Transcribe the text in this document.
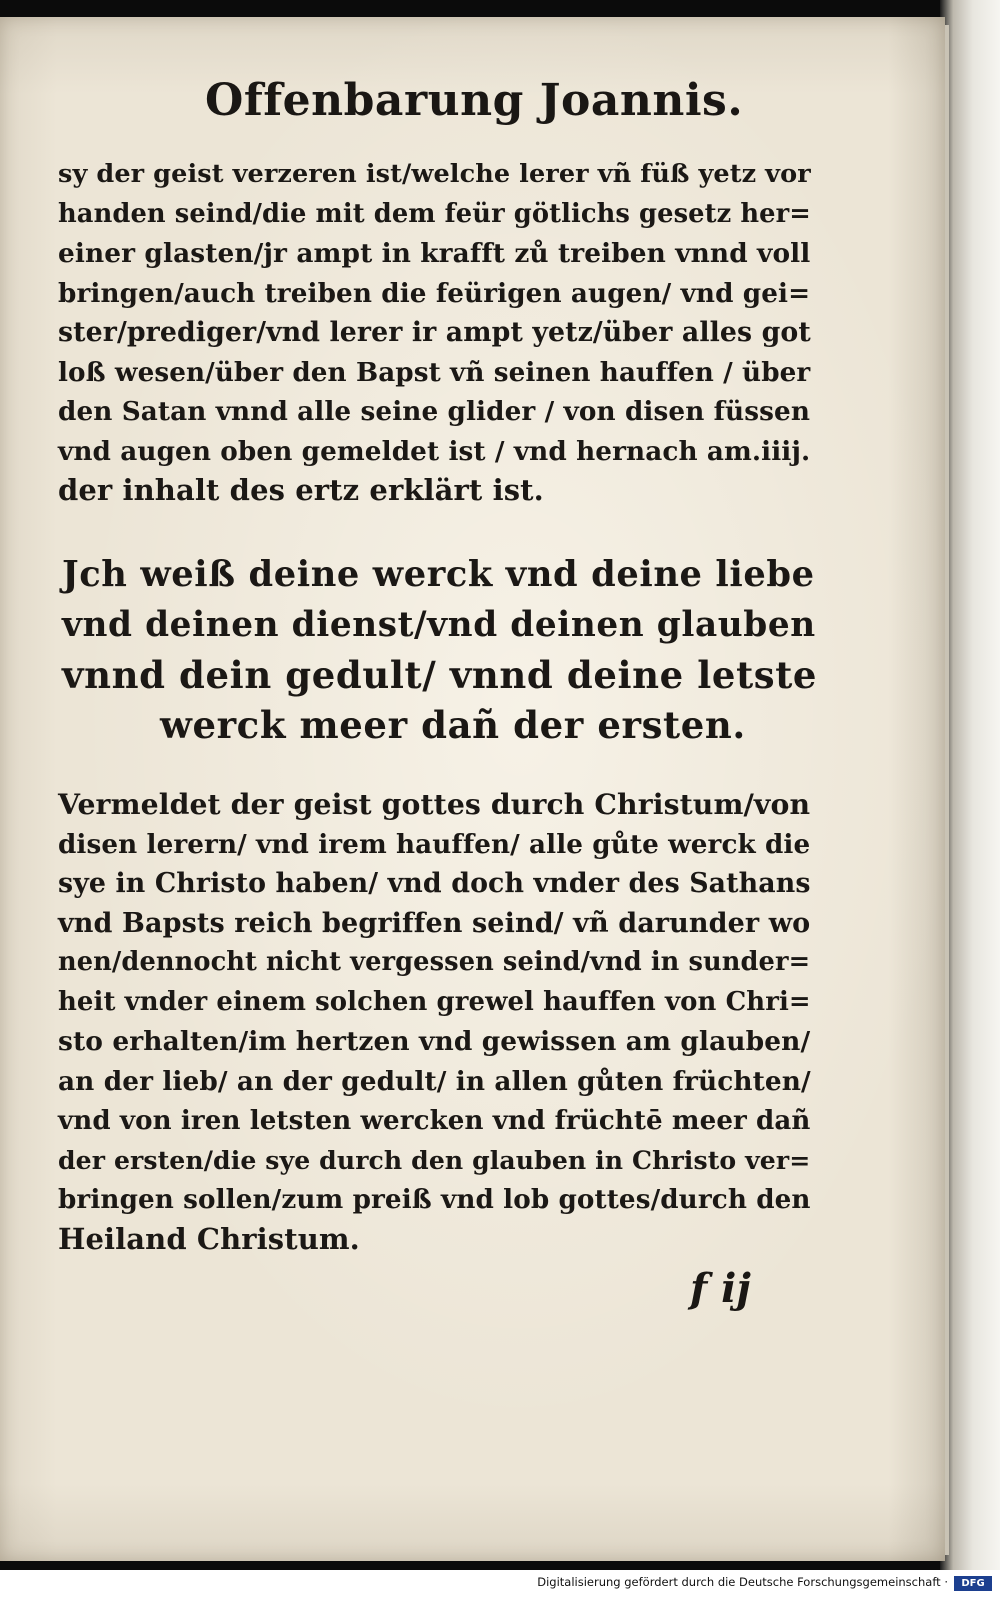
Offenbarung Joannis.
sy der geist verzeren ist/welche lerer vñ füß yetz vor
handen seind/die mit dem feür götlichs gesetz her=
einer glasten/jr ampt in krafft zů treiben vnnd voll
bringen/auch treiben die feürigen augen/ vnd gei=
ster/prediger/vnd lerer ir ampt yetz/über alles got
loß wesen/über den Bapst vñ seinen hauffen / über
den Satan vnnd alle seine glider / von disen füssen
vnd augen oben gemeldet ist / vnd hernach am.iiij.
der inhalt des ertz erklärt ist.
Jch weiß deine werck vnd deine liebe
vnd deinen dienst/vnd deinen glauben
vnnd dein gedult/ vnnd deine letste
werck meer dañ der ersten.
Vermeldet der geist gottes durch Christum/von
disen lerern/ vnd irem hauffen/ alle gůte werck die
sye in Christo haben/ vnd doch vnder des Sathans
vnd Bapsts reich begriffen seind/ vñ darunder wo
nen/dennocht nicht vergessen seind/vnd in sunder=
heit vnder einem solchen grewel hauffen von Chri=
sto erhalten/im hertzen vnd gewissen am glauben/
an der lieb/ an der gedult/ in allen gůten früchten/
vnd von iren letsten wercken vnd früchtē meer dañ
der ersten/die sye durch den glauben in Christo ver=
bringen sollen/zum preiß vnd lob gottes/durch den
Heiland Christum.
f ij
Digitalisierung gefördert durch die Deutsche Forschungsgemeinschaft ·	DFG
